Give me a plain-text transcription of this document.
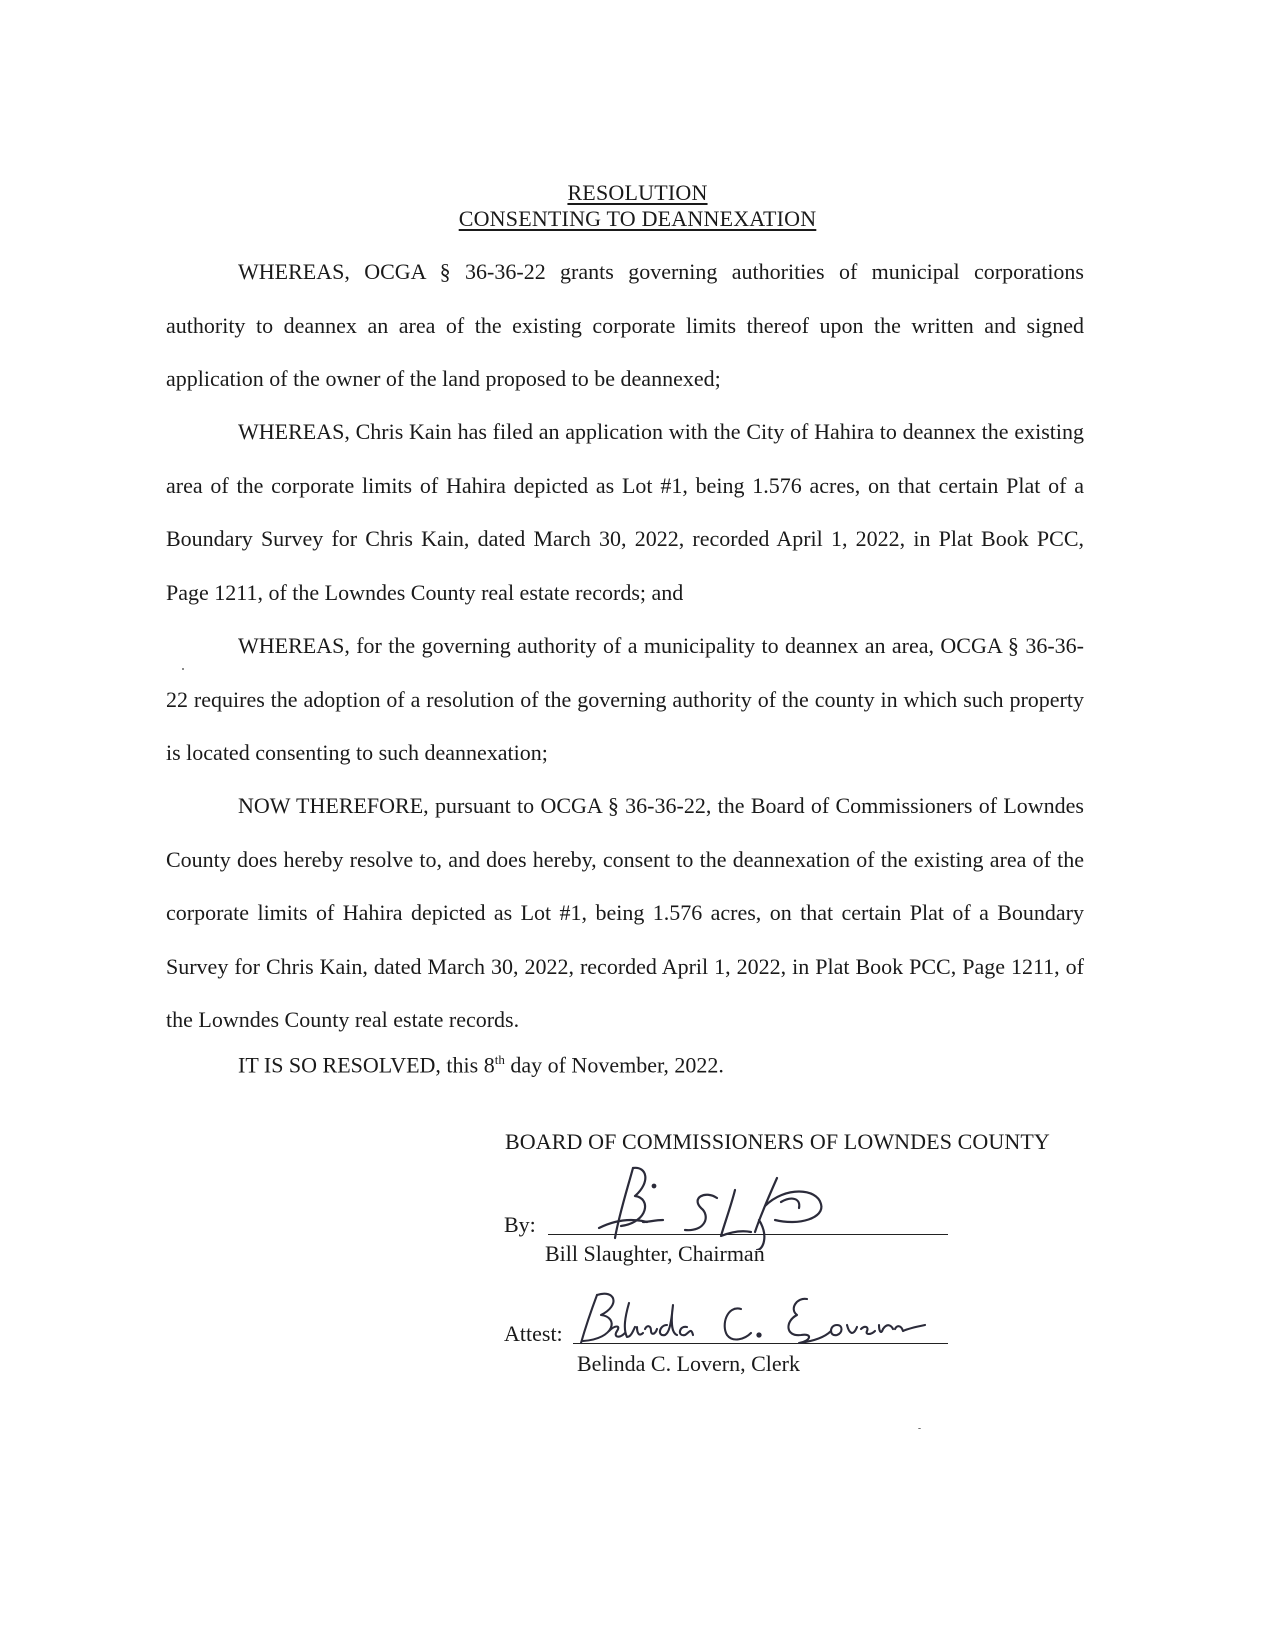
RESOLUTION
CONSENTING TO DEANNEXATION

WHEREAS, OCGA § 36-36-22 grants governing authorities of municipal corporations authority to deannex an area of the existing corporate limits thereof upon the written and signed application of the owner of the land proposed to be deannexed;

WHEREAS, Chris Kain has filed an application with the City of Hahira to deannex the existing area of the corporate limits of Hahira depicted as Lot #1, being 1.576 acres, on that certain Plat of a Boundary Survey for Chris Kain, dated March 30, 2022, recorded April 1, 2022, in Plat Book PCC, Page 1211, of the Lowndes County real estate records; and

WHEREAS, for the governing authority of a municipality to deannex an area, OCGA § 36-36-22 requires the adoption of a resolution of the governing authority of the county in which such property is located consenting to such deannexation;

NOW THEREFORE, pursuant to OCGA § 36-36-22, the Board of Commissioners of Lowndes County does hereby resolve to, and does hereby, consent to the deannexation of the existing area of the corporate limits of Hahira depicted as Lot #1, being 1.576 acres, on that certain Plat of a Boundary Survey for Chris Kain, dated March 30, 2022, recorded April 1, 2022, in Plat Book PCC, Page 1211, of the Lowndes County real estate records.

IT IS SO RESOLVED, this 8th day of November, 2022.
BOARD OF COMMISSIONERS OF LOWNDES COUNTY
By:
Bill Slaughter, Chairman
Attest:
Belinda C. Lovern, Clerk
